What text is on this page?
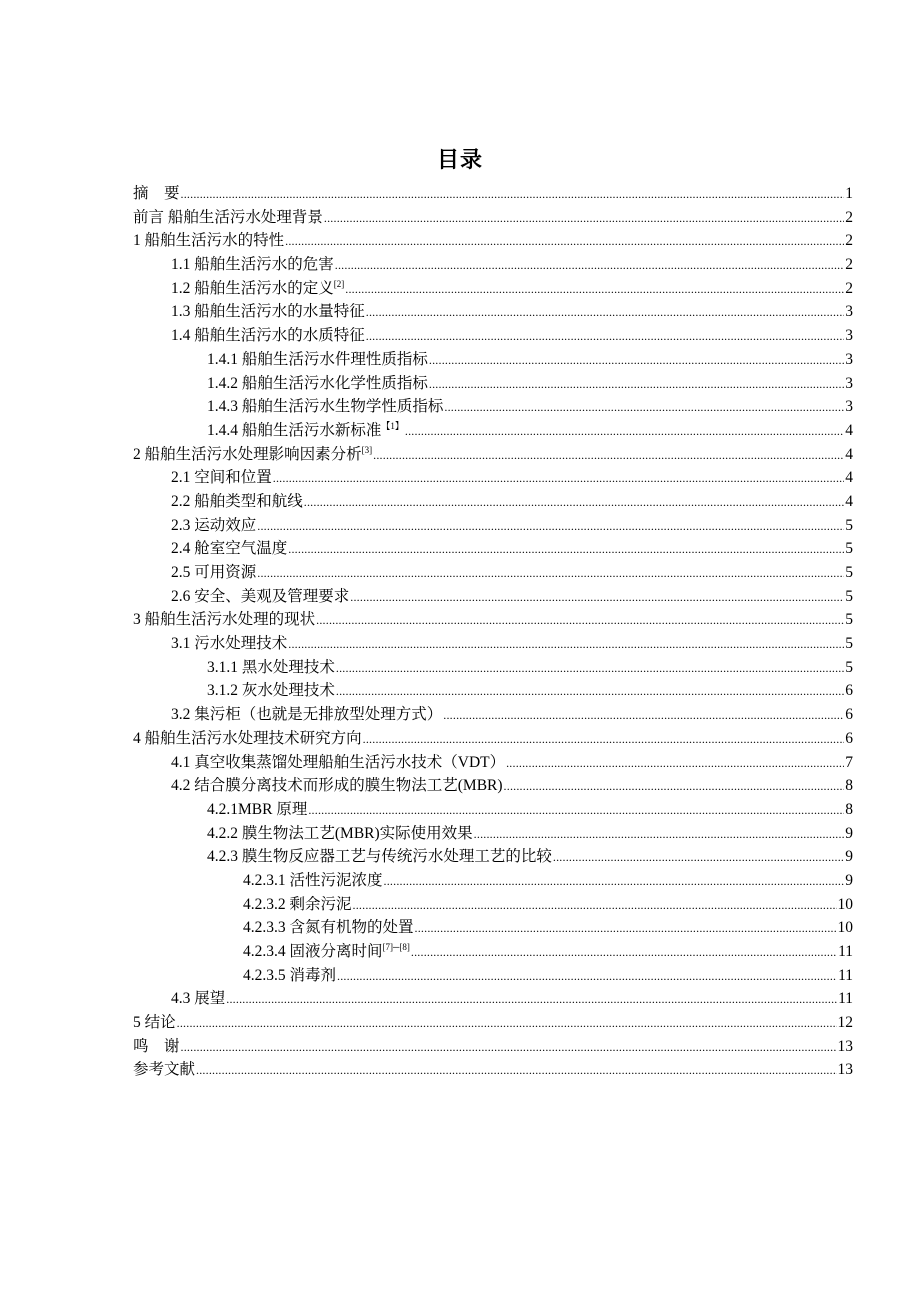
目录
摘　要 .....	1
前言 船舶生活污水处理背景 .....	2
1 船舶生活污水的特性 .....	2
1.1 船舶生活污水的危害 .....	2
1.2 船舶生活污水的定义[2] .....	2
1.3 船舶生活污水的水量特征 .....	3
1.4 船舶生活污水的水质特征 .....	3
1.4.1 船舶生活污水件理性质指标 .....	3
1.4.2 船舶生活污水化学性质指标 .....	3
1.4.3 船舶生活污水生物学性质指标 .....	3
1.4.4 船舶生活污水新标准$^{【1】}$ .....	4
2 船舶生活污水处理影响因素分析[3] .....	4
2.1 空间和位置 .....	4
2.2 船舶类型和航线 .....	4
2.3 运动效应 .....	5
2.4 舱室空气温度 .....	5
2.5 可用资源 .....	5
2.6 安全、美观及管理要求 .....	5
3 船舶生活污水处理的现状 .....	5
3.1 污水处理技术 .....	5
3.1.1 黑水处理技术 .....	5
3.1.2 灰水处理技术 .....	6
3.2 集污柜（也就是无排放型处理方式） .....	6
4 船舶生活污水处理技术研究方向 .....	6
4.1 真空收集蒸馏处理船舶生活污水技术（VDT） .....	7
4.2 结合膜分离技术而形成的膜生物法工艺(MBR) .....	8
4.2.1MBR 原理 .....	8
4.2.2 膜生物法工艺(MBR)实际使用效果 .....	9
4.2.3 膜生物反应器工艺与传统污水处理工艺的比较 .....	9
4.2.3.1 活性污泥浓度 .....	9
4.2.3.2 剩余污泥 .....	10
4.2.3.3 含氮有机物的处置 .....	10
4.2.3.4 固液分离时间[7]─[8] .....	11
4.2.3.5 消毒剂 .....	11
4.3 展望 .....	11
5 结论 .....	12
鸣　谢 .....	13
参考文献 .....	13
